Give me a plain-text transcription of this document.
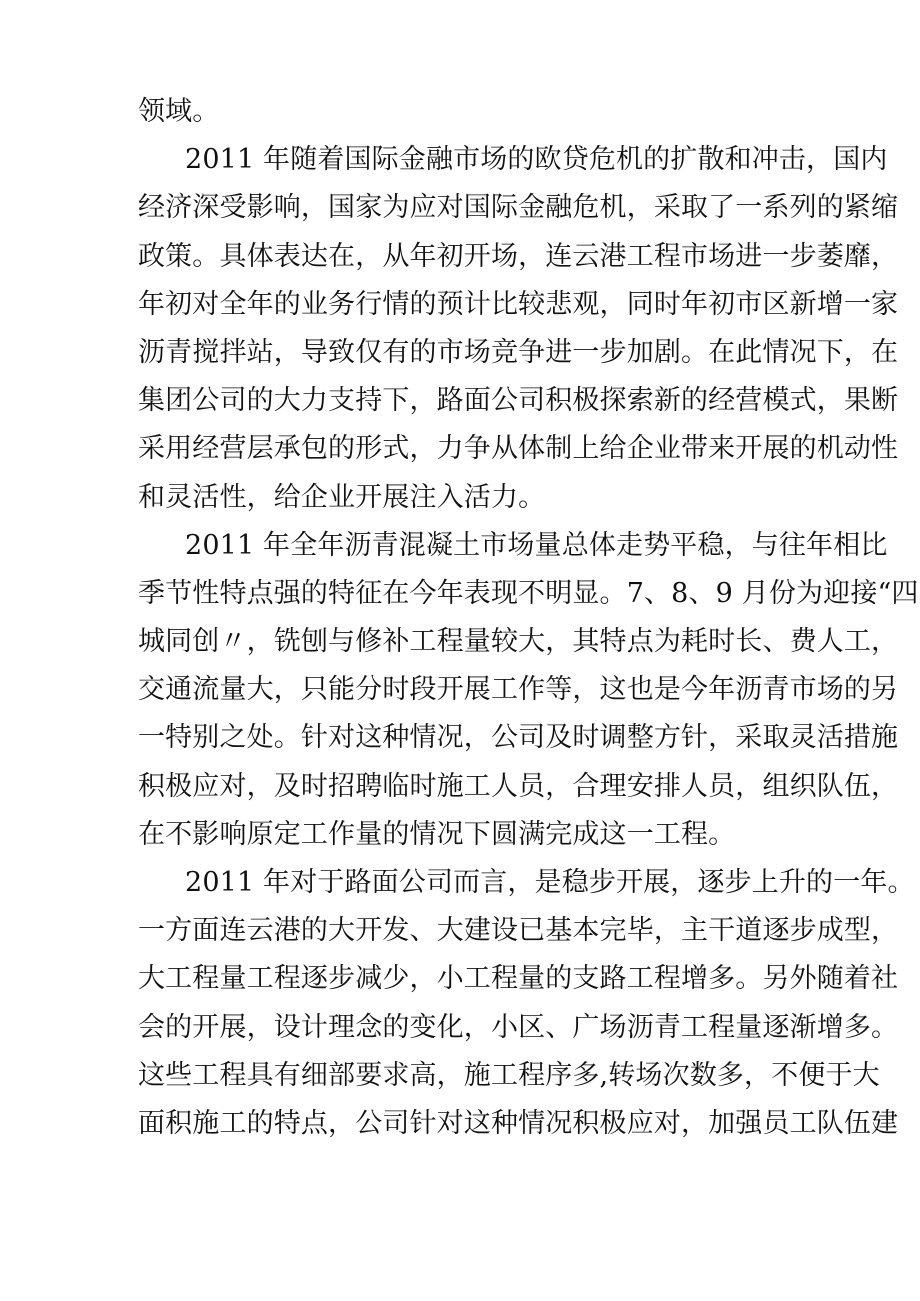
领域。
2011 年随着国际金融市场的欧贷危机的扩散和冲击，国内
经济深受影响，国家为应对国际金融危机，采取了一系列的紧缩
政策。具体表达在，从年初开场，连云港工程市场进一步萎靡，
年初对全年的业务行情的预计比较悲观，同时年初市区新增一家
沥青搅拌站，导致仅有的市场竞争进一步加剧。在此情况下，在
集团公司的大力支持下，路面公司积极探索新的经营模式，果断
采用经营层承包的形式，力争从体制上给企业带来开展的机动性
和灵活性，给企业开展注入活力。
2011 年全年沥青混凝土市场量总体走势平稳，与往年相比
季节性特点强的特征在今年表现不明显。7、8、9 月份为迎接“四
城同创〃，铣刨与修补工程量较大，其特点为耗时长、费人工，
交通流量大，只能分时段开展工作等，这也是今年沥青市场的另
一特别之处。针对这种情况，公司及时调整方针，采取灵活措施
积极应对，及时招聘临时施工人员，合理安排人员，组织队伍，
在不影响原定工作量的情况下圆满完成这一工程。
2011 年对于路面公司而言，是稳步开展，逐步上升的一年。
一方面连云港的大开发、大建设已基本完毕，主干道逐步成型，
大工程量工程逐步减少，小工程量的支路工程增多。另外随着社
会的开展，设计理念的变化，小区、广场沥青工程量逐渐增多。
这些工程具有细部要求高，施工程序多,转场次数多，不便于大
面积施工的特点，公司针对这种情况积极应对，加强员工队伍建
